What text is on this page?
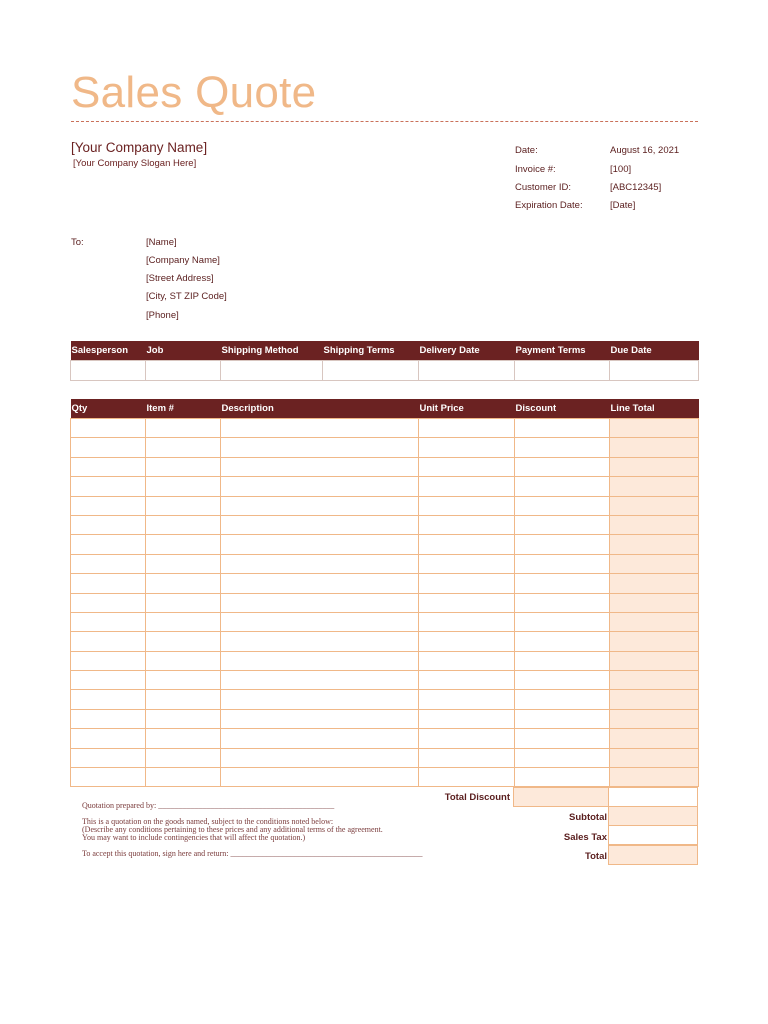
Sales Quote
[Your Company Name]
[Your Company Slogan Here]
Date:	August 16, 2021
Invoice #:	[100]
Customer ID:	[ABC12345]
Expiration Date:	[Date]
To:	[Name]
[Company Name]
[Street Address]
[City, ST ZIP Code]
[Phone]
Salesperson	Job	Shipping Method	Shipping Terms	Delivery Date	Payment Terms	Due Date

Qty	Item #	Description	Unit Price	Discount	Line Total

Total Discount
Subtotal
Sales Tax
Total
Quotation prepared by: ____________________________________________
This is a quotation on the goods named, subject to the conditions noted below:
(Describe any conditions pertaining to these prices and any additional terms of the agreement.
You may want to include contingencies that will affect the quotation.)
To accept this quotation, sign here and return: ________________________________________________
